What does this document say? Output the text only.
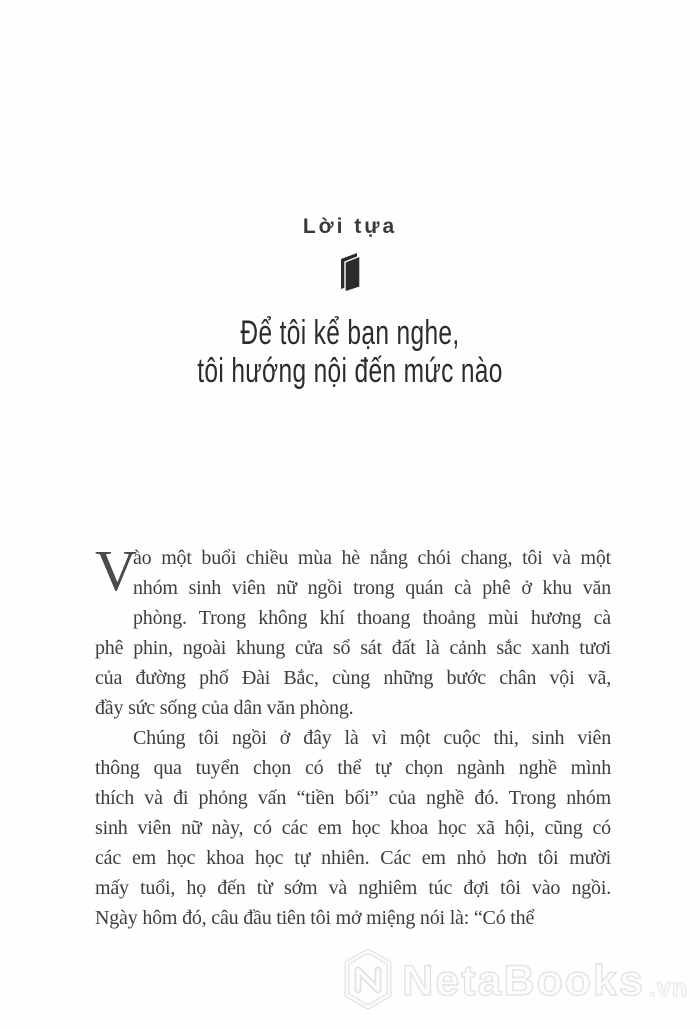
Lời tựa
Để tôi kể bạn nghe,
tôi hướng nội đến mức nào

V
ào một buổi chiều mùa hè nắng chói chang, tôi và một
nhóm sinh viên nữ ngồi trong quán cà phê ở khu văn
phòng. Trong không khí thoang thoảng mùi hương cà
phê phin, ngoài khung cửa sổ sát đất là cảnh sắc xanh tươi
của đường phố Đài Bắc, cùng những bước chân vội vã,
đầy sức sống của dân văn phòng.

Chúng tôi ngồi ở đây là vì một cuộc thi, sinh viên
thông qua tuyển chọn có thể tự chọn ngành nghề mình
thích và đi phỏng vấn “tiền bối” của nghề đó. Trong nhóm
sinh viên nữ này, có các em học khoa học xã hội, cũng có
các em học khoa học tự nhiên. Các em nhỏ hơn tôi mười
mấy tuổi, họ đến từ sớm và nghiêm túc đợi tôi vào ngồi.
Ngày hôm đó, câu đầu tiên tôi mở miệng nói là: “Có thể

NetaBooks .vn
